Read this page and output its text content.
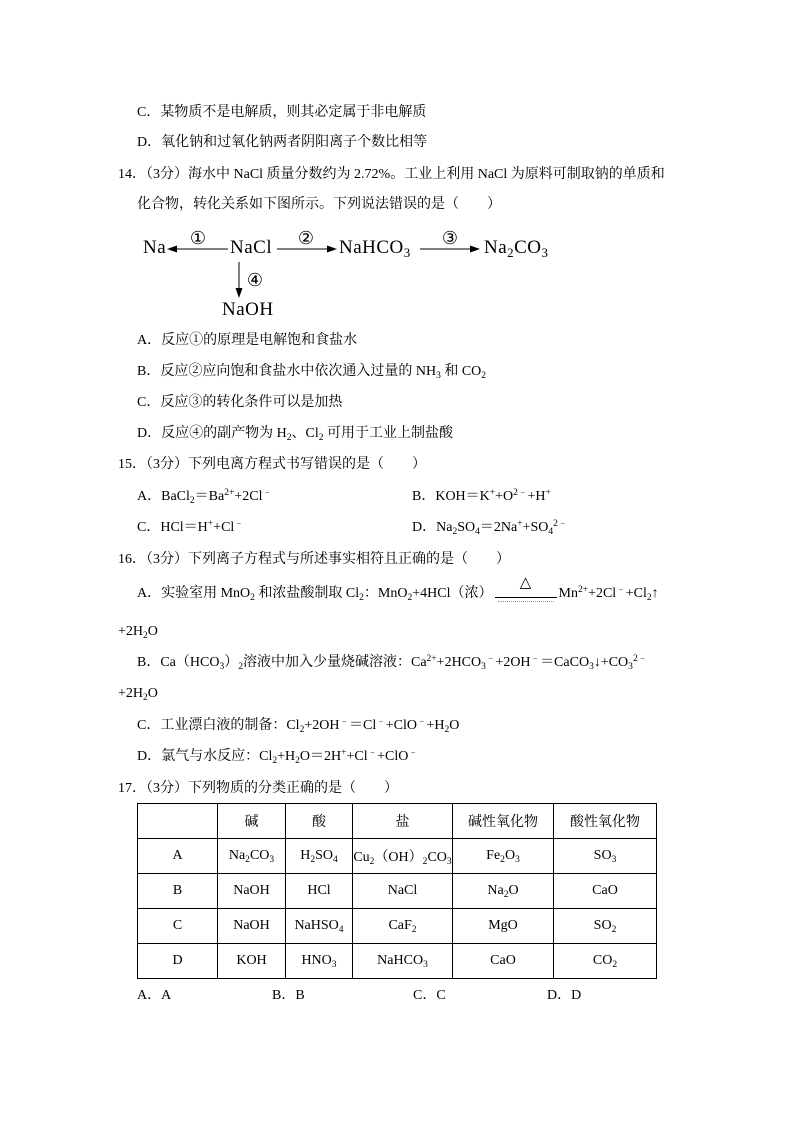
C．某物质不是电解质，则其必定属于非电解质
D．氧化钠和过氧化钠两者阴阳离子个数比相等
14．（3分）海水中 NaCl 质量分数约为 2.72%。工业上利用 NaCl 为原料可制取钠的单质和
化合物，转化关系如下图所示。下列说法错误的是（　　）
Na	NaCl	NaHCO$_3$	$Na_2CO_3$
NaOH
①	②	③
④
A．反应①的原理是电解饱和食盐水
B．反应②应向饱和食盐水中依次通入过量的 $NH_3$ 和 $CO_2$
C．反应③的转化条件可以是加热
D．反应④的副产物为 $H_2$、$Cl_2$ 可用于工业上制盐酸
15．（3分）下列电离方程式书写错误的是（　　）
A．$BaCl_2=Ba^{2+}+2Cl^﹣$	B．$KOH=K^++O^{2﹣}+H^+$
C．HCl＝H++Cl﹣	D．$Na_2SO_4=2Na^++SO_4^{2﹣}$
16．（3分）下列离子方程式与所述事实相符且正确的是（　　）
A．实验室用 MnO$_2$ 和浓盐酸制取 $Cl_2$：MnO$_2$+4HCl（浓）
△
$Mn^{2+}+2Cl^﹣+Cl_2↑$
$+2H_2O$
B．$Ca(HCO_3)_2$溶液中加入少量烧碱溶液：$Ca^{2+}+2HCO_3^﹣+2OH^﹣=CaCO_3↓+CO_3^{2﹣}$
$+2H_2O$
C．工业漂白液的制备：$Cl_2+2OH^﹣=Cl^﹣+ClO^﹣+H_2O$
D．氯气与水反应：$Cl_2+H_2O=2H^++Cl^﹣+ClO^﹣$
17．（3分）下列物质的分类正确的是（　　）
	碱	酸	盐	碱性氧化物	酸性氧化物
A	$Na_2CO_3$	$H_2SO_4$	$Cu_2(OH)_2CO_3$	$Fe_2O_3$	$SO_3$
B	NaOH	HCl	NaCl	$Na_2O$	CaO
C	NaOH	NaHSO$_4$	CaF$_2$	MgO	$SO_2$
D	KOH	$HNO_3$	NaHCO$_3$	CaO	$CO_2$
A．A	B．B	C．C	D．D
